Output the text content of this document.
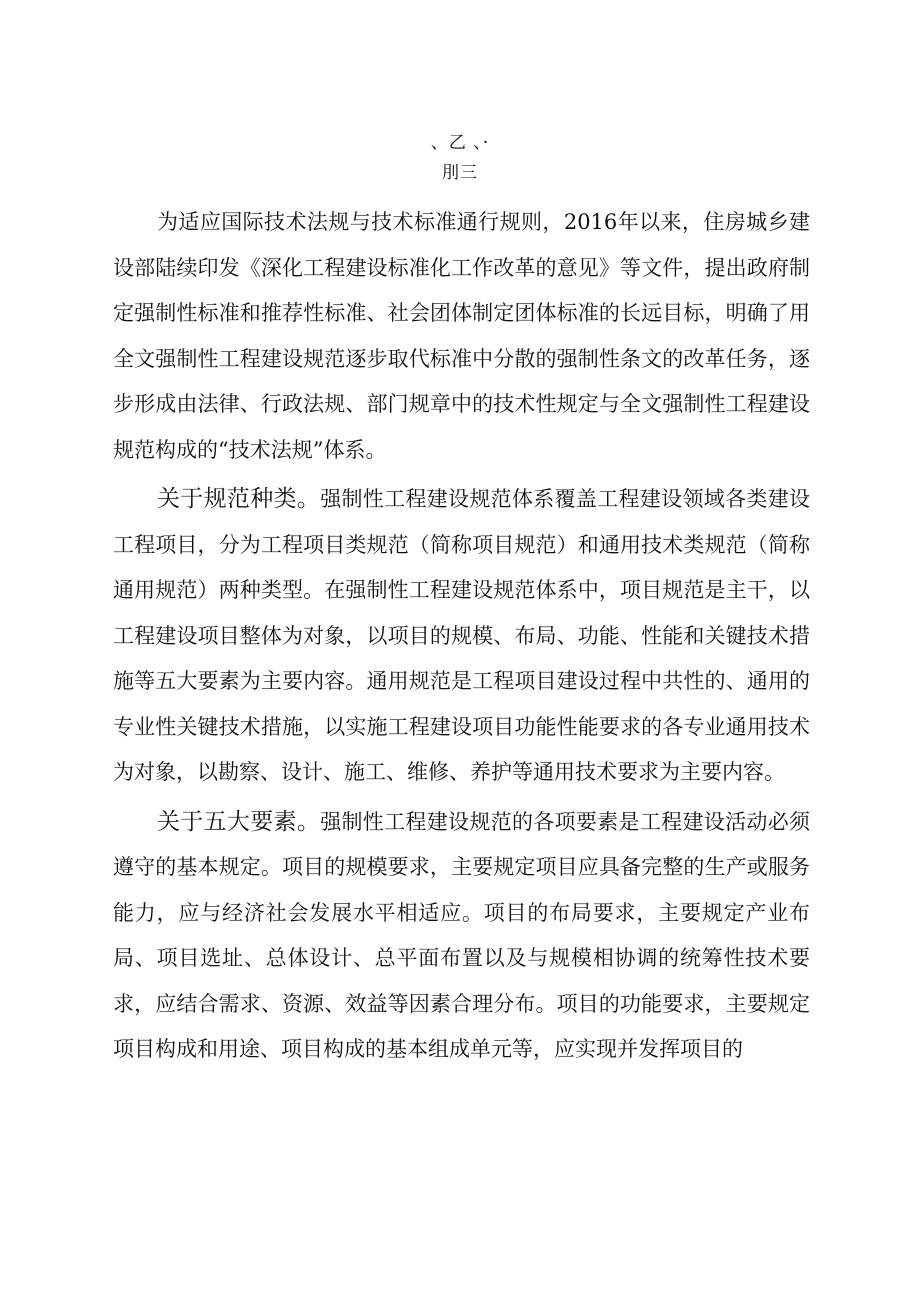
、乙 、·
刖三

为适应国际技术法规与技术标准通行规则，2016年以来，住房城乡建设部陆续印发《深化工程建设标准化工作改革的意见》等文件，提出政府制定强制性标准和推荐性标准、社会团体制定团体标准的长远目标，明确了用全文强制性工程建设规范逐步取代标准中分散的强制性条文的改革任务，逐步形成由法律、行政法规、部门规章中的技术性规定与全文强制性工程建设规范构成的“技术法规”体系。

关于规范种类。强制性工程建设规范体系覆盖工程建设领域各类建设工程项目，分为工程项目类规范（简称项目规范）和通用技术类规范（简称通用规范）两种类型。在强制性工程建设规范体系中，项目规范是主干，以工程建设项目整体为对象，以项目的规模、布局、功能、性能和关键技术措施等五大要素为主要内容。通用规范是工程项目建设过程中共性的、通用的专业性关键技术措施，以实施工程建设项目功能性能要求的各专业通用技术为对象，以勘察、设计、施工、维修、养护等通用技术要求为主要内容。

关于五大要素。强制性工程建设规范的各项要素是工程建设活动必须遵守的基本规定。项目的规模要求，主要规定项目应具备完整的生产或服务能力，应与经济社会发展水平相适应。项目的布局要求，主要规定产业布局、项目选址、总体设计、总平面布置以及与规模相协调的统筹性技术要求，应结合需求、资源、效益等因素合理分布。项目的功能要求，主要规定项目构成和用途、项目构成的基本组成单元等，应实现并发挥项目的
